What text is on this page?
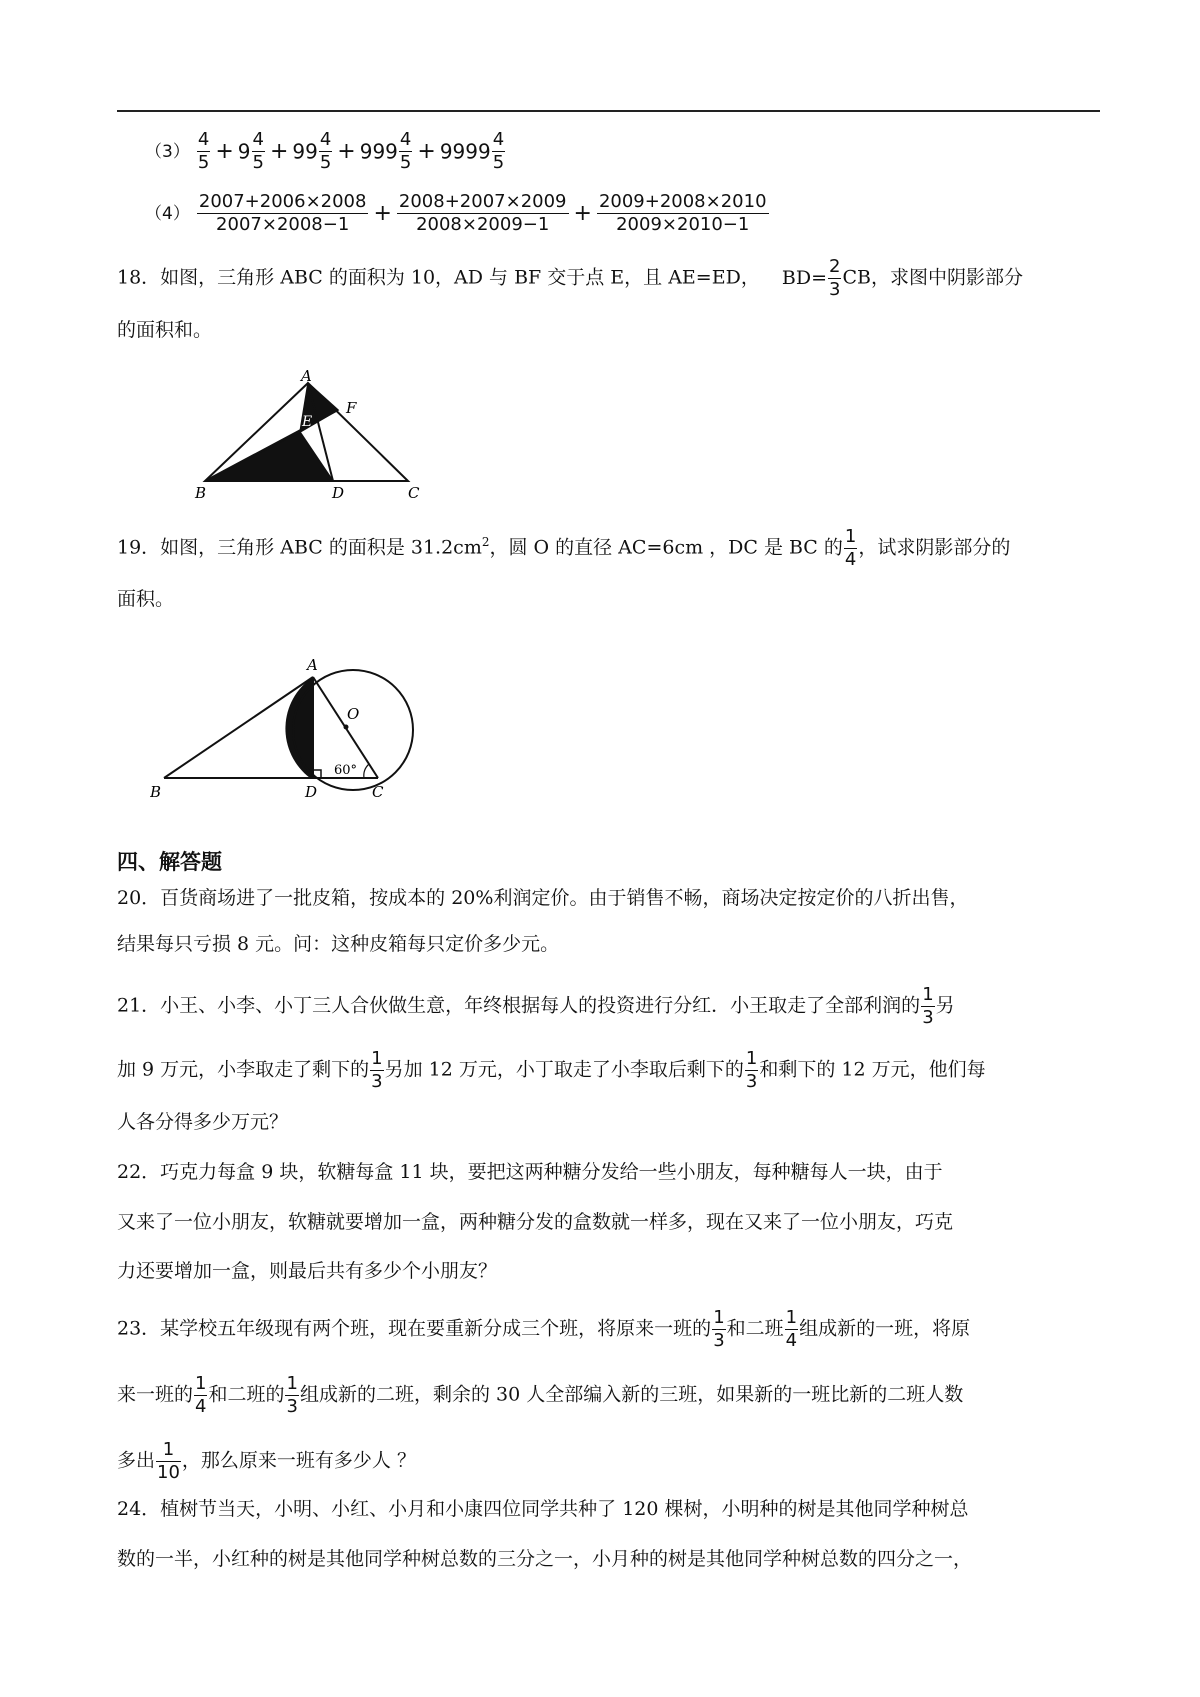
$(3) \frac{4}{5} + 9 \frac{4}{5} + 99 \frac{4}{5} + 999 \frac{4}{5} + 9999 \frac{4}{5}$
$(4) \frac{2007+2006\times 2008}{2007\times 2008-1} + \frac{2008+2007\times 2009}{2008\times 2009-1} + \frac{2009+2008\times 2010}{2009\times 2010-1}$
18．如图，三角形 ABC 的面积为 10，AD 与 BF 交于点 E，且 AE=ED， $BD= \frac{2}{3}$ CB，求图中阴影部分
的面积和。
A
B	C
D
E
F
19．如图，三角形 ABC 的面积是 $31.2cm^2$，圆 O 的直径 AC=6cm ，DC 是 BC 的 $\frac{1}{4}$ ，试求阴影部分的
面积。
A
B	D	C
O
60°
四、解答题
20．百货商场进了一批皮箱，按成本的 20%利润定价。由于销售不畅，商场决定按定价的八折出售，
结果每只亏损 8 元。问：这种皮箱每只定价多少元。
21．小王、小李、小丁三人合伙做生意，年终根据每人的投资进行分红．小王取走了全部利润的 $\frac{1}{3}$ 另
加 9 万元，小李取走了剩下的 $\frac{1}{3}$ 另加 12 万元，小丁取走了小李取后剩下的 $\frac{1}{3}$ 和剩下的 12 万元，他们每
人各分得多少万元？
22．巧克力每盒 9 块，软糖每盒 11 块，要把这两种糖分发给一些小朋友，每种糖每人一块，由于
又来了一位小朋友，软糖就要增加一盒，两种糖分发的盒数就一样多，现在又来了一位小朋友，巧克
力还要增加一盒，则最后共有多少个小朋友？
23．某学校五年级现有两个班，现在要重新分成三个班，将原来一班的 $\frac{1}{3}$ 和二班 $\frac{1}{4}$ 组成新的一班，将原
来一班的 $\frac{1}{4}$ 和二班的 $\frac{1}{3}$ 组成新的二班，剩余的 30 人全部编入新的三班，如果新的一班比新的二班人数
多出 $\frac{1}{10}$ ，那么原来一班有多少人 ？
24．植树节当天，小明、小红、小月和小康四位同学共种了 120 棵树，小明种的树是其他同学种树总
数的一半，小红种的树是其他同学种树总数的三分之一，小月种的树是其他同学种树总数的四分之一，
